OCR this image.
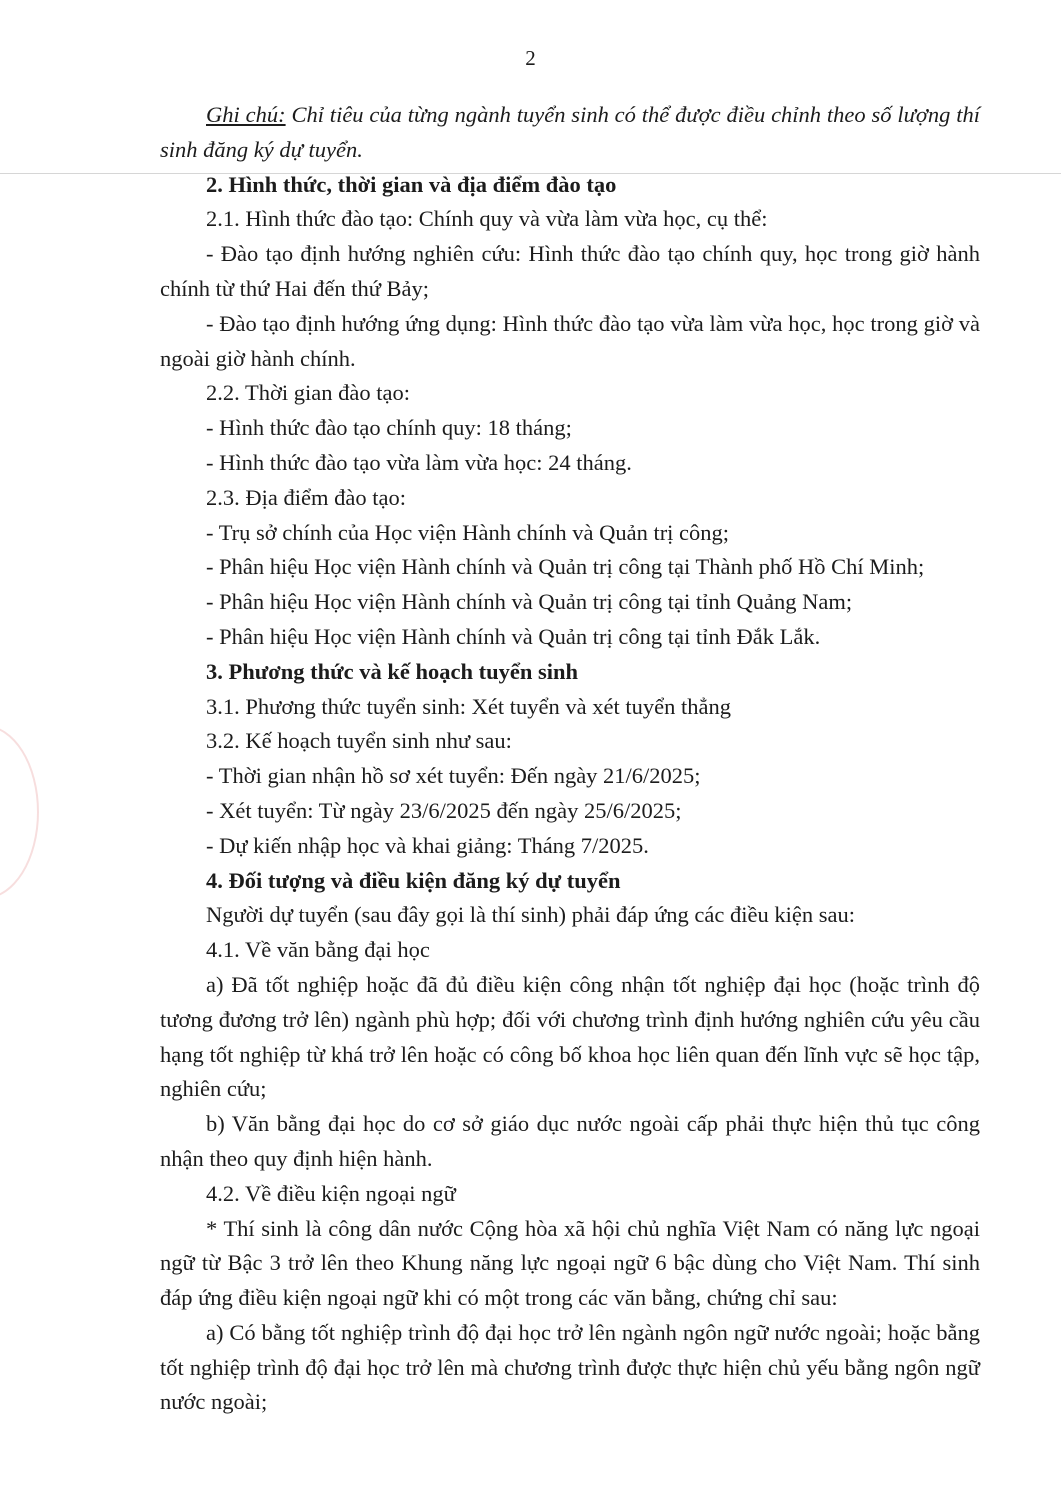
2

Ghi chú: Chỉ tiêu của từng ngành tuyển sinh có thể được điều chỉnh theo số lượng thí sinh đăng ký dự tuyển.

2. Hình thức, thời gian và địa điểm đào tạo

2.1. Hình thức đào tạo: Chính quy và vừa làm vừa học, cụ thể:

- Đào tạo định hướng nghiên cứu: Hình thức đào tạo chính quy, học trong giờ hành chính từ thứ Hai đến thứ Bảy;

- Đào tạo định hướng ứng dụng: Hình thức đào tạo vừa làm vừa học, học trong giờ và ngoài giờ hành chính.

2.2. Thời gian đào tạo:

- Hình thức đào tạo chính quy: 18 tháng;

- Hình thức đào tạo vừa làm vừa học: 24 tháng.

2.3. Địa điểm đào tạo:

- Trụ sở chính của Học viện Hành chính và Quản trị công;

- Phân hiệu Học viện Hành chính và Quản trị công tại Thành phố Hồ Chí Minh;

- Phân hiệu Học viện Hành chính và Quản trị công tại tỉnh Quảng Nam;

- Phân hiệu Học viện Hành chính và Quản trị công tại tỉnh Đắk Lắk.

3. Phương thức và kế hoạch tuyển sinh

3.1. Phương thức tuyển sinh: Xét tuyển và xét tuyển thẳng

3.2. Kế hoạch tuyển sinh như sau:

- Thời gian nhận hồ sơ xét tuyển: Đến ngày 21/6/2025;

- Xét tuyển: Từ ngày 23/6/2025 đến ngày 25/6/2025;

- Dự kiến nhập học và khai giảng: Tháng 7/2025.

4. Đối tượng và điều kiện đăng ký dự tuyển

Người dự tuyển (sau đây gọi là thí sinh) phải đáp ứng các điều kiện sau:

4.1. Về văn bằng đại học

a) Đã tốt nghiệp hoặc đã đủ điều kiện công nhận tốt nghiệp đại học (hoặc trình độ tương đương trở lên) ngành phù hợp; đối với chương trình định hướng nghiên cứu yêu cầu hạng tốt nghiệp từ khá trở lên hoặc có công bố khoa học liên quan đến lĩnh vực sẽ học tập, nghiên cứu;

b) Văn bằng đại học do cơ sở giáo dục nước ngoài cấp phải thực hiện thủ tục công nhận theo quy định hiện hành.

4.2. Về điều kiện ngoại ngữ

* Thí sinh là công dân nước Cộng hòa xã hội chủ nghĩa Việt Nam có năng lực ngoại ngữ từ Bậc 3 trở lên theo Khung năng lực ngoại ngữ 6 bậc dùng cho Việt Nam. Thí sinh đáp ứng điều kiện ngoại ngữ khi có một trong các văn bằng, chứng chỉ sau:

a) Có bằng tốt nghiệp trình độ đại học trở lên ngành ngôn ngữ nước ngoài; hoặc bằng tốt nghiệp trình độ đại học trở lên mà chương trình được thực hiện chủ yếu bằng ngôn ngữ nước ngoài;
